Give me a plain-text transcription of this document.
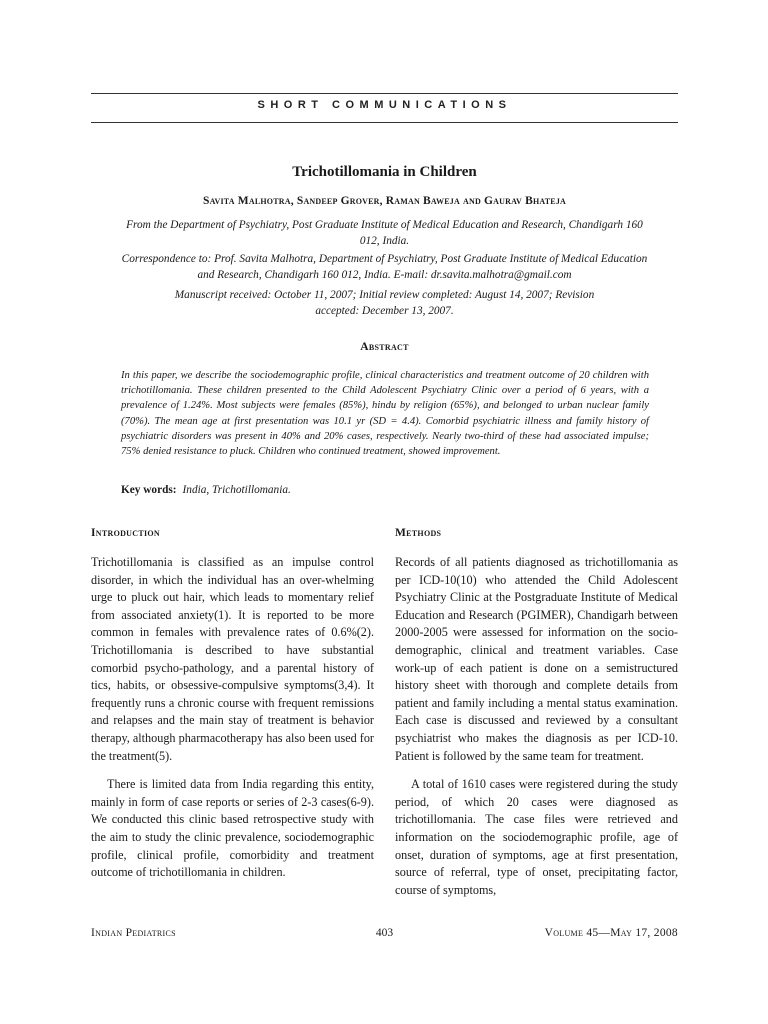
SHORT COMMUNICATIONS
Trichotillomania in Children
Savita Malhotra, Sandeep Grover, Raman Baweja and Gaurav Bhateja
From the Department of Psychiatry, Post Graduate Institute of Medical Education and Research, Chandigarh 160 012, India.
Correspondence to: Prof. Savita Malhotra, Department of Psychiatry, Post Graduate Institute of Medical Education and Research, Chandigarh 160 012, India. E-mail: dr.savita.malhotra@gmail.com
Manuscript received: October 11, 2007; Initial review completed: August 14, 2007; Revision accepted: December 13, 2007.
Abstract
In this paper, we describe the sociodemographic profile, clinical characteristics and treatment outcome of 20 children with trichotillomania. These children presented to the Child Adolescent Psychiatry Clinic over a period of 6 years, with a prevalence of 1.24%. Most subjects were females (85%), hindu by religion (65%), and belonged to urban nuclear family (70%). The mean age at first presentation was 10.1 yr (SD = 4.4). Comorbid psychiatric illness and family history of psychiatric disorders was present in 40% and 20% cases, respectively. Nearly two-third of these had associated impulse; 75% denied resistance to pluck. Children who continued treatment, showed improvement.
Key words: India, Trichotillomania.
Introduction

Trichotillomania is classified as an impulse control disorder, in which the individual has an over-whelming urge to pluck out hair, which leads to momentary relief from associated anxiety(1). It is reported to be more common in females with prevalence rates of 0.6%(2). Trichotillomania is described to have substantial comorbid psycho-pathology, and a parental history of tics, habits, or obsessive-compulsive symptoms(3,4). It frequently runs a chronic course with frequent remissions and relapses and the main stay of treatment is behavior therapy, although pharmacotherapy has also been used for the treatment(5).

There is limited data from India regarding this entity, mainly in form of case reports or series of 2-3 cases(6-9). We conducted this clinic based retrospective study with the aim to study the clinic prevalence, sociodemographic profile, clinical profile, comorbidity and treatment outcome of trichotillomania in children.

Methods

Records of all patients diagnosed as trichotillomania as per ICD-10(10) who attended the Child Adolescent Psychiatry Clinic at the Postgraduate Institute of Medical Education and Research (PGIMER), Chandigarh between 2000-2005 were assessed for information on the socio-demographic, clinical and treatment variables. Case work-up of each patient is done on a semistructured history sheet with thorough and complete details from patient and family including a mental status examination. Each case is discussed and reviewed by a consultant psychiatrist who makes the diagnosis as per ICD-10. Patient is followed by the same team for treatment.

A total of 1610 cases were registered during the study period, of which 20 cases were diagnosed as trichotillomania. The case files were retrieved and information on the sociodemographic profile, age of onset, duration of symptoms, age at first presentation, source of referral, type of onset, precipitating factor, course of symptoms,

403
Indian Pediatrics	Volume 45—May 17, 2008
